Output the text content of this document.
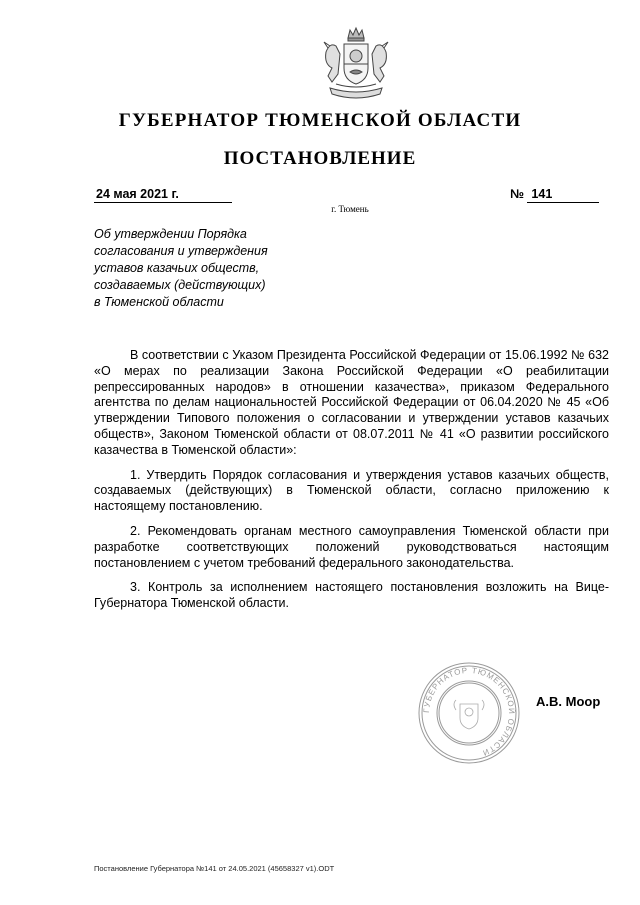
ГУБЕРНАТОР ТЮМЕНСКОЙ ОБЛАСТИ
ПОСТАНОВЛЕНИЕ
24 мая 2021 г.	№ 141
г. Тюмень
Об утверждении Порядка
согласования и утверждения
уставов казачьих обществ,
создаваемых (действующих)
в Тюменской области

В соответствии с Указом Президента Российской Федерации от 15.06.1992 № 632 «О мерах по реализации Закона Российской Федерации «О реабилитации репрессированных народов» в отношении казачества», приказом Федерального агентства по делам национальностей Российской Федерации от 06.04.2020 № 45 «Об утверждении Типового положения о согласовании и утверждении уставов казачьих обществ», Законом Тюменской области от 08.07.2011 № 41 «О развитии российского казачества в Тюменской области»:

1. Утвердить Порядок согласования и утверждения уставов казачьих обществ, создаваемых (действующих) в Тюменской области, согласно приложению к настоящему постановлению.

2. Рекомендовать органам местного самоуправления Тюменской области при разработке соответствующих положений руководствоваться настоящим постановлением с учетом требований федерального законодательства.

3. Контроль за исполнением настоящего постановления возложить на Вице-Губернатора Тюменской области.

ГУБЕРНАТОР ТЮМЕНСКОЙ ОБЛАСТИ
А.В. Моор
Постановление Губернатора №141 от 24.05.2021 (45658327 v1).ODT
